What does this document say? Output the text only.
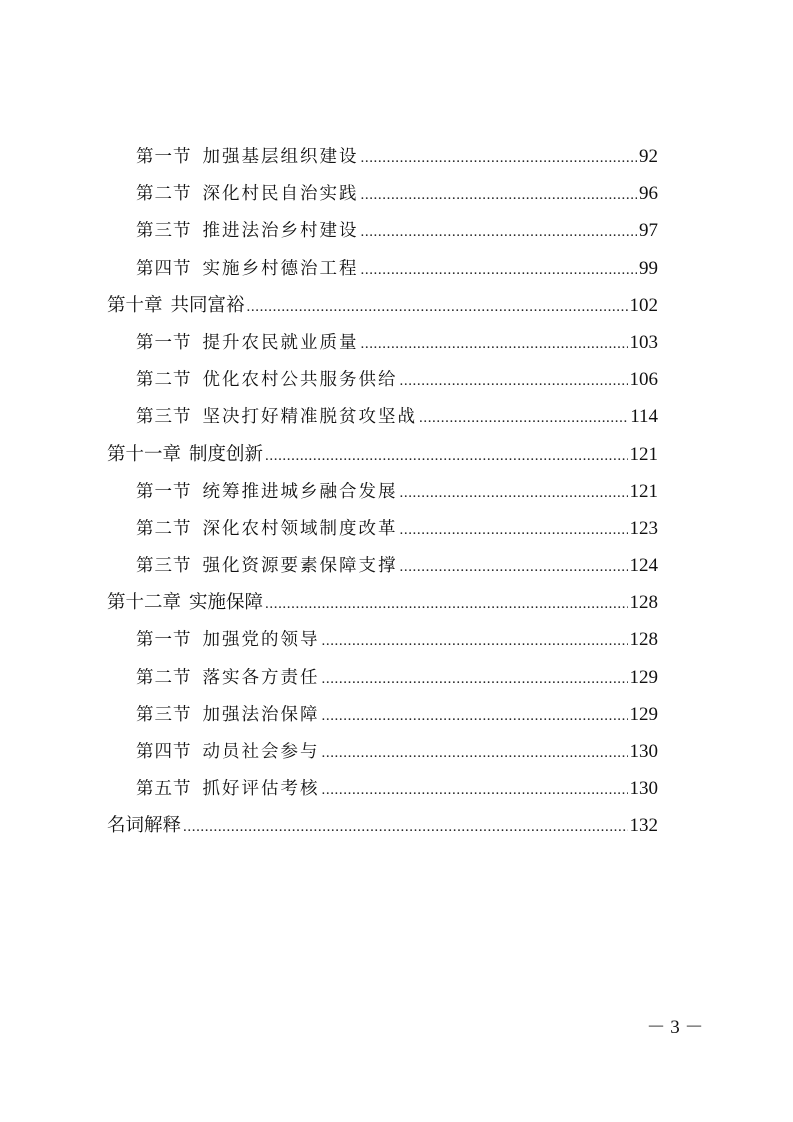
第一节 加强基层组织建设 .....	92
第二节 深化村民自治实践 .....	96
第三节 推进法治乡村建设 .....	97
第四节 实施乡村德治工程 .....	99
第十章 共同富裕 .....	102
第一节 提升农民就业质量 .....	103
第二节 优化农村公共服务供给 .....	106
第三节 坚决打好精准脱贫攻坚战 .....	114
第十一章 制度创新 .....	121
第一节 统筹推进城乡融合发展 .....	121
第二节 深化农村领域制度改革 .....	123
第三节 强化资源要素保障支撑 .....	124
第十二章 实施保障 .....	128
第一节 加强党的领导 .....	128
第二节 落实各方责任 .....	129
第三节 加强法治保障 .....	129
第四节 动员社会参与 .....	130
第五节 抓好评估考核 .....	130
名词解释 .....	132
－ 3 －
